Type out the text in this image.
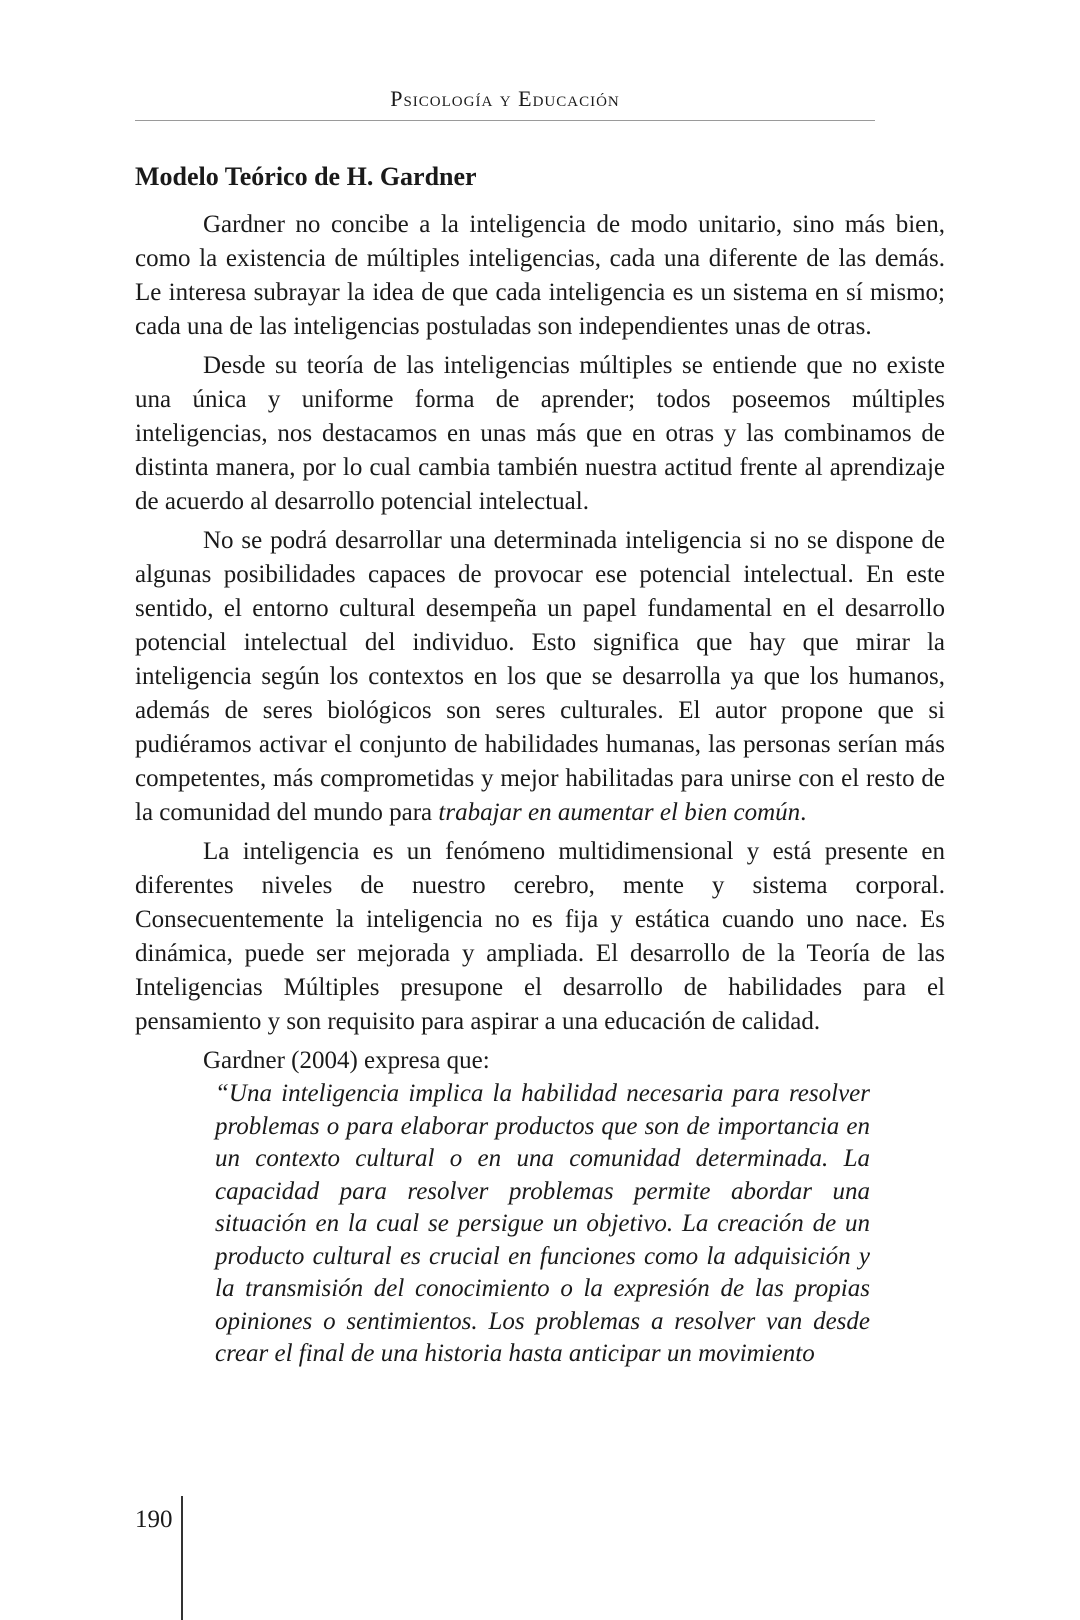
Psicología y Educación
Modelo Teórico de H. Gardner

Gardner no concibe a la inteligencia de modo unitario, sino más bien, como la existencia de múltiples inteligencias, cada una diferente de las demás. Le interesa subrayar la idea de que cada inteligencia es un sistema en sí mismo; cada una de las inteligencias postuladas son independientes unas de otras.

Desde su teoría de las inteligencias múltiples se entiende que no existe una única y uniforme forma de aprender; todos poseemos múltiples inteligencias, nos destacamos en unas más que en otras y las combinamos de distinta manera, por lo cual cambia también nuestra actitud frente al aprendizaje de acuerdo al desarrollo potencial intelectual.

No se podrá desarrollar una determinada inteligencia si no se dispone de algunas posibilidades capaces de provocar ese potencial intelectual. En este sentido, el entorno cultural desempeña un papel fundamental en el desarrollo potencial intelectual del individuo. Esto significa que hay que mirar la inteligencia según los contextos en los que se desarrolla ya que los humanos, además de seres biológicos son seres culturales. El autor propone que si pudiéramos activar el conjunto de habilidades humanas, las personas serían más competentes, más comprometidas y mejor habilitadas para unirse con el resto de la comunidad del mundo para trabajar en aumentar el bien común.

La inteligencia es un fenómeno multidimensional y está presente en diferentes niveles de nuestro cerebro, mente y sistema corporal. Consecuentemente la inteligencia no es fija y estática cuando uno nace. Es dinámica, puede ser mejorada y ampliada. El desarrollo de la Teoría de las Inteligencias Múltiples presupone el desarrollo de habilidades para el pensamiento y son requisito para aspirar a una educación de calidad.

Gardner (2004) expresa que:

“Una inteligencia implica la habilidad necesaria para resolver problemas o para elaborar productos que son de importancia en un contexto cultural o en una comunidad determinada. La capacidad para resolver problemas permite abordar una situación en la cual se persigue un objetivo. La creación de un producto cultural es crucial en funciones como la adquisición y la transmisión del conocimiento o la expresión de las propias opiniones o sentimientos. Los problemas a resolver van desde crear el final de una historia hasta anticipar un movimiento

190
